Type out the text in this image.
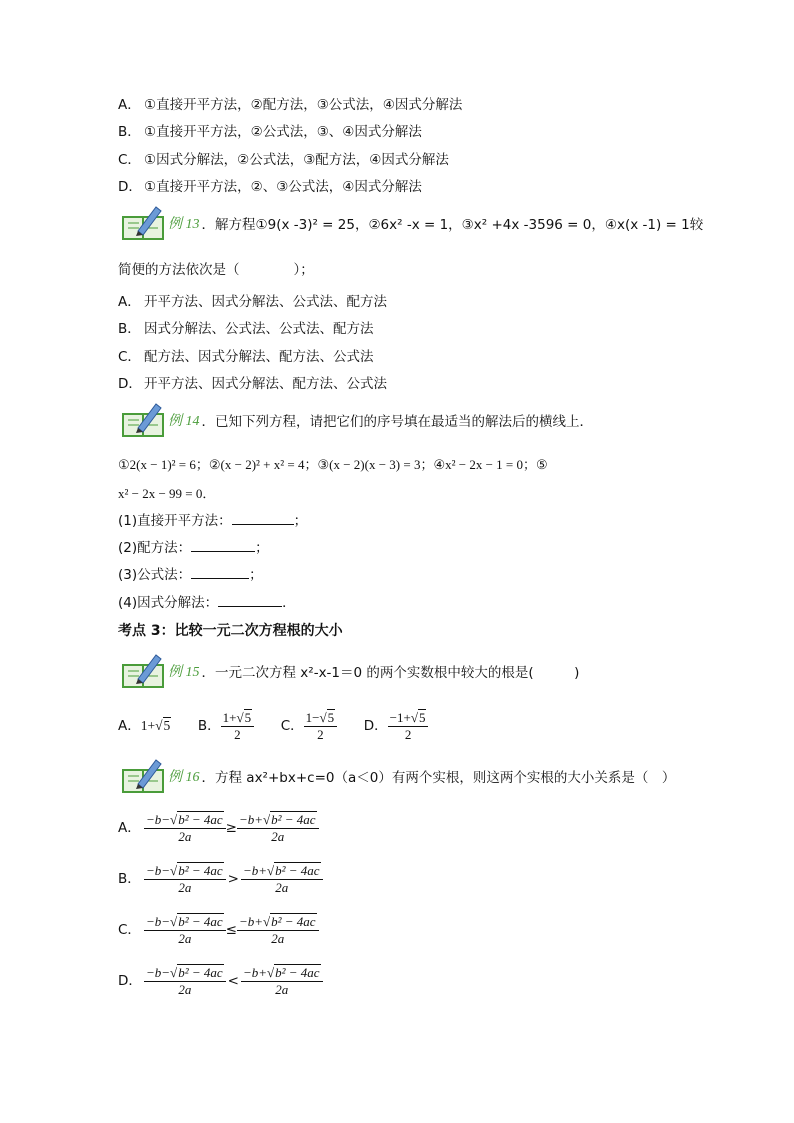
A． ①直接开平方法，②配方法，③公式法，④因式分解法
B． ①直接开平方法，②公式法，③、④因式分解法
C． ①因式分解法，②公式法，③配方法，④因式分解法
D． ①直接开平方法，②、③公式法，④因式分解法
例 13 ．解方程①9(x -3)² = 25，②6x² -x = 1，③x² +4x -3596 = 0，④x(x -1) = 1较
简便的方法依次是（　　　　）；
A． 开平方法、因式分解法、公式法、配方法
B． 因式分解法、公式法、公式法、配方法
C． 配方法、因式分解法、配方法、公式法
D． 开平方法、因式分解法、配方法、公式法
例 14 ．已知下列方程，请把它们的序号填在最适当的解法后的横线上．
①2(x − 1)² = 6；②(x − 2)² + x² = 4；③(x − 2)(x − 3) = 3；④x² − 2x − 1 = 0；⑤
x² − 2x − 99 = 0．
(1)直接开平方法：	；
(2)配方法：	；
(3)公式法：	；
(4)因式分解法：	．
考点 3：比较一元二次方程根的大小
例 15 ．一元二次方程 x²-x-1＝0 的两个实数根中较大的根是(　　　)
A．1+√5 B． $\frac{1+√5}{2}$ C． $\frac{1-√5}{2}$ D． $\frac{-1+√5}{2}$
例 16 ．方程 ax²+bx+c=0（a＜0）有两个实根，则这两个实根的大小关系是（　）
A． $\frac{\text{−b−√b² − 4ac}}{2a} \ge \frac{\text{−b+√b² − 4ac}}{2a}$
B． $\frac{\text{−b−√b² − 4ac}}{2a} > \frac{\text{−b+√b² − 4ac}}{2a}$
C． $\frac{\text{−b−√b² − 4ac}}{2a} \le \frac{\text{−b+√b² − 4ac}}{2a}$
D． $\frac{\text{−b−√b² − 4ac}}{2a} < \frac{\text{−b+√b² − 4ac}}{2a}$
